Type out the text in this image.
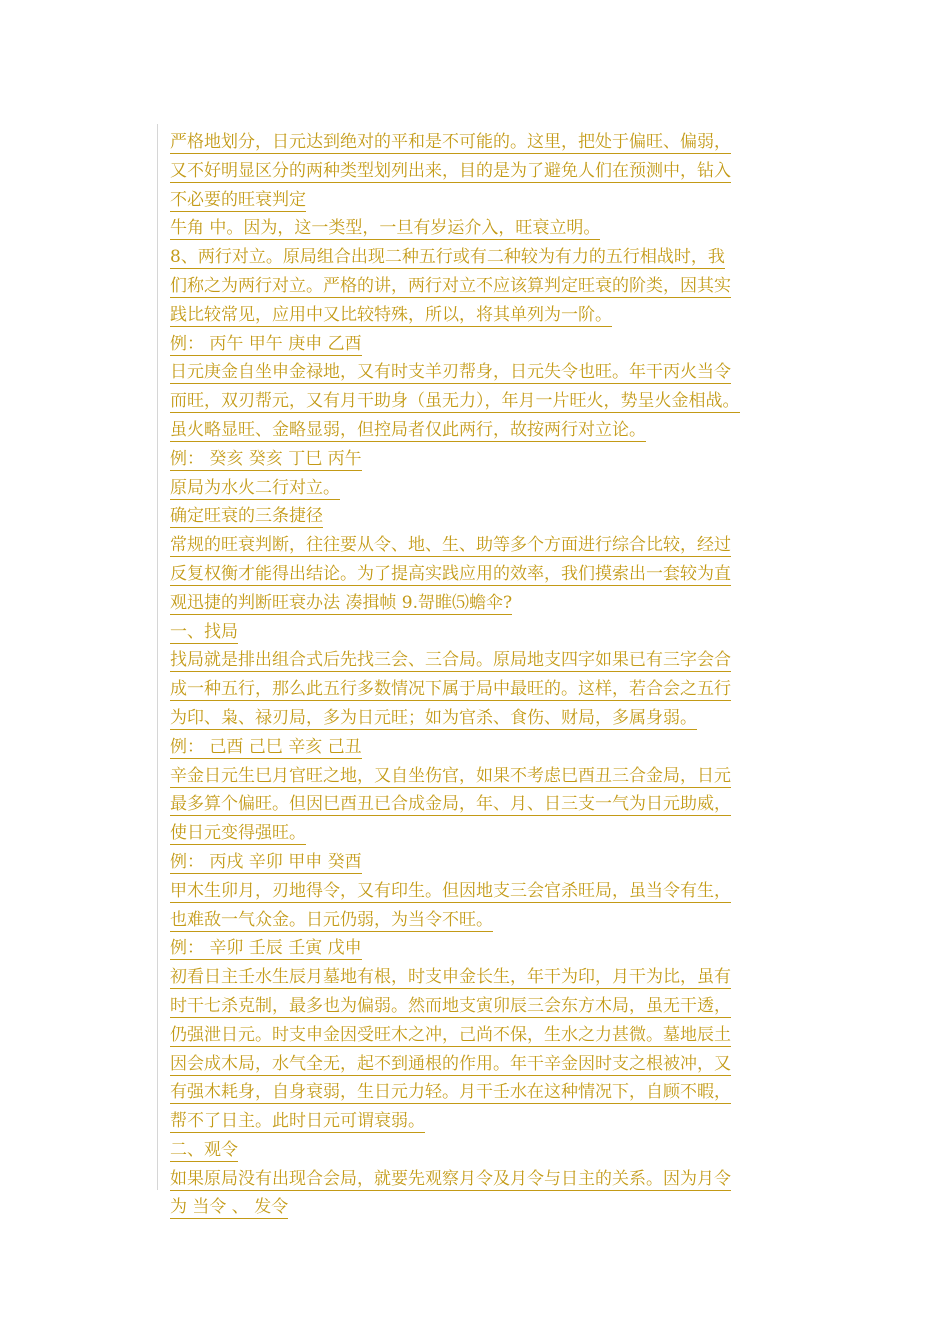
严格地划分，日元达到绝对的平和是不可能的。这里，把处于偏旺、偏弱，
又不好明显区分的两种类型划列出来，目的是为了避免人们在预测中，钻入
不必要的旺衰判定
牛角 中。因为，这一类型，一旦有岁运介入，旺衰立明。
8、两行对立。原局组合出现二种五行或有二种较为有力的五行相战时，我
们称之为两行对立。严格的讲，两行对立不应该算判定旺衰的阶类，因其实
践比较常见，应用中又比较特殊，所以，将其单列为一阶。
例： 丙午 甲午 庚申 乙酉
日元庚金自坐申金禄地，又有时支羊刃帮身，日元失令也旺。年干丙火当令
而旺，双刃帮元，又有月干助身（虽无力），年月一片旺火，势呈火金相战。
虽火略显旺、金略显弱，但控局者仅此两行，故按两行对立论。
例： 癸亥 癸亥 丁巳 丙午
原局为水火二行对立。
确定旺衰的三条捷径
常规的旺衰判断，往往要从令、地、生、助等多个方面进行综合比较，经过
反复权衡才能得出结论。为了提高实践应用的效率，我们摸索出一套较为直
观迅捷的判断旺衰办法 凑揖帧 9.哿睢⑸蟾伞?
一、找局
找局就是排出组合式后先找三会、三合局。原局地支四字如果已有三字会合
成一种五行，那么此五行多数情况下属于局中最旺的。这样，若合会之五行
为印、枭、禄刃局，多为日元旺；如为官杀、食伤、财局，多属身弱。
例： 己酉 己巳 辛亥 己丑
辛金日元生巳月官旺之地，又自坐伤官，如果不考虑巳酉丑三合金局，日元
最多算个偏旺。但因巳酉丑已合成金局，年、月、日三支一气为日元助威，
使日元变得强旺。
例： 丙戌 辛卯 甲申 癸酉
甲木生卯月，刃地得令，又有印生。但因地支三会官杀旺局，虽当令有生，
也难敌一气众金。日元仍弱，为当令不旺。
例： 辛卯 壬辰 壬寅 戊申
初看日主壬水生辰月墓地有根，时支申金长生，年干为印，月干为比，虽有
时干七杀克制，最多也为偏弱。然而地支寅卯辰三会东方木局，虽无干透，
仍强泄日元。时支申金因受旺木之冲，己尚不保，生水之力甚微。墓地辰土
因会成木局，水气全无，起不到通根的作用。年干辛金因时支之根被冲，又
有强木耗身，自身衰弱，生日元力轻。月干壬水在这种情况下，自顾不暇，
帮不了日主。此时日元可谓衰弱。
二、观令
如果原局没有出现合会局，就要先观察月令及月令与日主的关系。因为月令
为 当令 、 发令
